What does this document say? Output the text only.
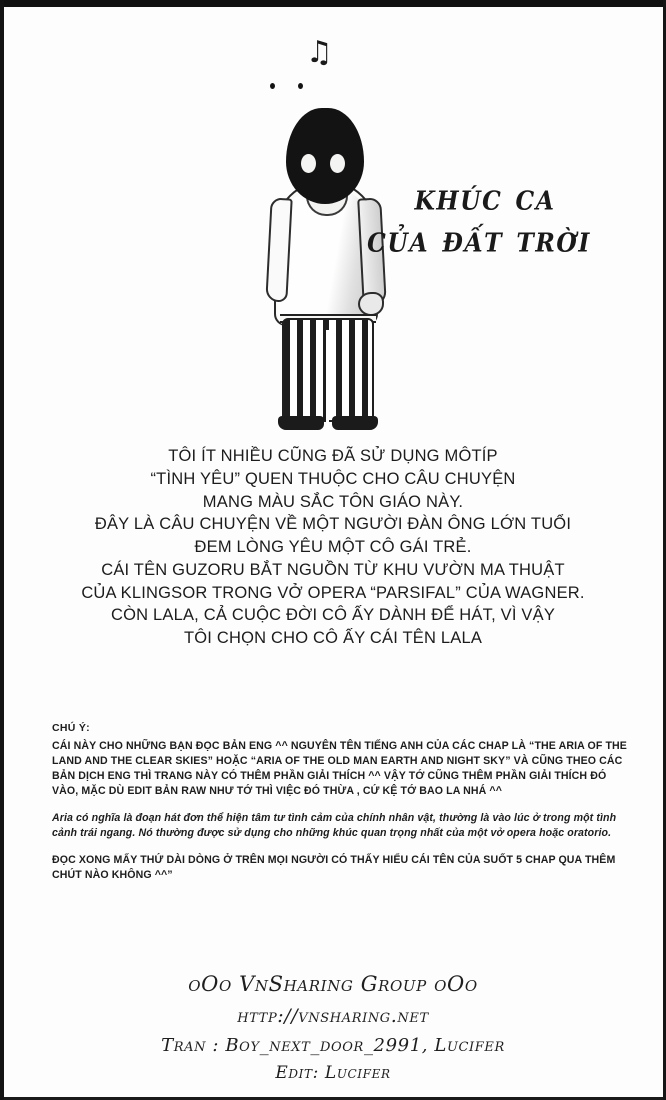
♫
khúc ca
của đất trời
TÔI ÍT NHIỀU CŨNG ĐÃ SỬ DỤNG MÔTÍP
“TÌNH YÊU” QUEN THUỘC CHO CÂU CHUYỆN
MANG MÀU SẮC TÔN GIÁO NÀY.
ĐÂY LÀ CÂU CHUYỆN VỀ MỘT NGƯỜI ĐÀN ÔNG LỚN TUỔI
ĐEM LÒNG YÊU MỘT CÔ GÁI TRẺ.
CÁI TÊN GUZORU BẮT NGUỒN TỪ KHU VƯỜN MA THUẬT
CỦA KLINGSOR TRONG VỞ OPERA “PARSIFAL” CỦA WAGNER.
CÒN LALA, CẢ CUỘC ĐỜI CÔ ẤY DÀNH ĐỂ HÁT, VÌ VẬY
TÔI CHỌN CHO CÔ ẤY CÁI TÊN LALA
CHÚ Ý:
CÁI NÀY CHO NHỮNG BẠN ĐỌC BẢN ENG ^^ NGUYÊN TÊN TIẾNG ANH CỦA CÁC CHAP LÀ “THE ARIA OF THE LAND AND THE CLEAR SKIES” HOẶC “ARIA OF THE OLD MAN EARTH AND NIGHT SKY” VÀ CŨNG THEO CÁC BẢN DỊCH ENG THÌ TRANG NÀY CÓ THÊM PHẦN GIẢI THÍCH ^^ VẬY TỚ CŨNG THÊM PHẦN GIẢI THÍCH ĐÓ VÀO, MẶC DÙ EDIT BẢN RAW NHƯ TỚ THÌ VIỆC ĐÓ THỪA , CỨ KỆ TỚ BAO LA NHÁ ^^
Aria có nghĩa là đoạn hát đơn thể hiện tâm tư tình cảm của chính nhân vật, thường là vào lúc ở trong một tình cảnh trái ngang. Nó thường được sử dụng cho những khúc quan trọng nhất của một vở opera hoặc oratorio.
ĐỌC XONG MẤY THỨ DÀI DÒNG Ở TRÊN MỌI NGƯỜI CÓ THẤY HIỂU CÁI TÊN CỦA SUỐT 5 CHAP QUA THÊM CHÚT NÀO KHÔNG ^^”
oOo VnSharing Group oOo
http://vnsharing.net
Tran : Boy_next_door_2991, Lucifer
Edit: Lucifer
